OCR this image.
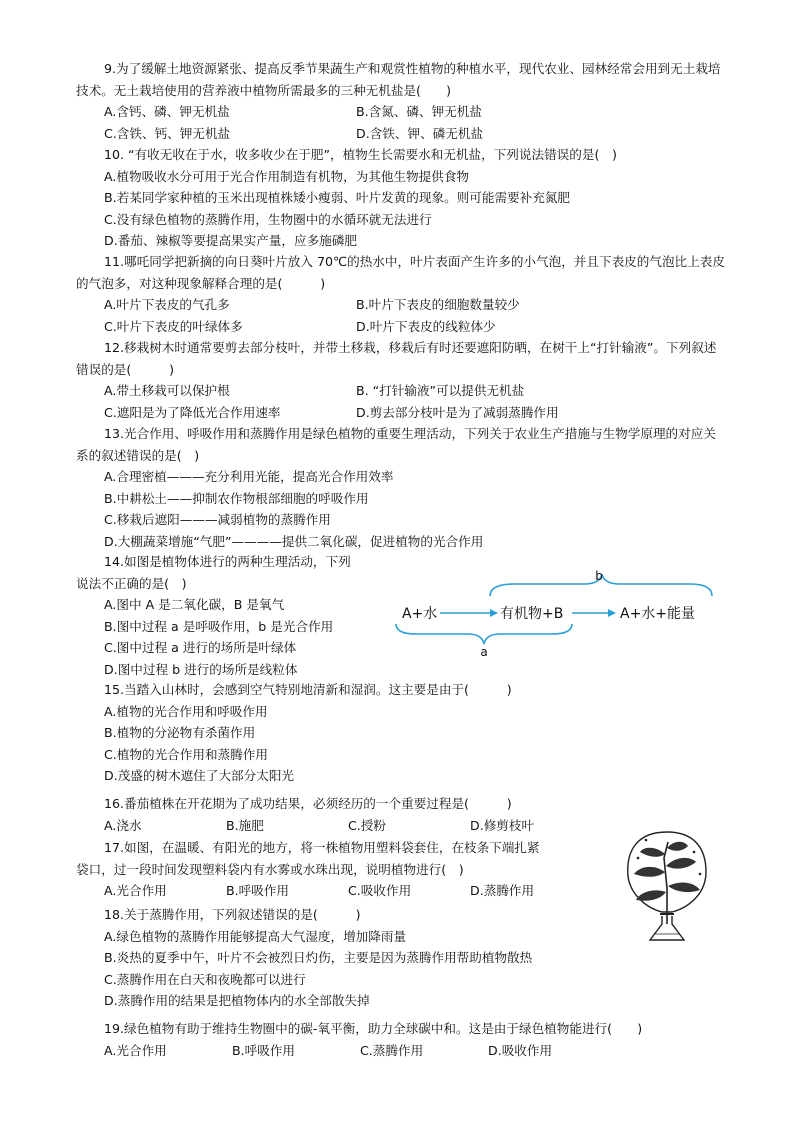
9.为了缓解土地资源紧张、提高反季节果蔬生产和观赏性植物的种植水平，现代农业、园林经常会用到无土栽培技术。无土栽培使用的营养液中植物所需最多的三种无机盐是(　　)

A.含钙、磷、钾无机盐	B.含氮、磷、钾无机盐
C.含铁、钙、钾无机盐	D.含铁、钾、磷无机盐

10. “有收无收在于水，收多收少在于肥”，植物生长需要水和无机盐，下列说法错误的是(　)

A.植物吸收水分可用于光合作用制造有机物，为其他生物提供食物
B.若某同学家种植的玉米出现植株矮小瘦弱、叶片发黄的现象。则可能需要补充氮肥
C.没有绿色植物的蒸腾作用，生物圈中的水循环就无法进行
D.番茄、辣椒等要提高果实产量，应多施磷肥

11.哪吒同学把新摘的向日葵叶片放入 70℃的热水中，叶片表面产生许多的小气泡，并且下表皮的气泡比上表皮的气泡多，对这种现象解释合理的是(　　　)

A.叶片下表皮的气孔多	B.叶片下表皮的细胞数量较少
C.叶片下表皮的叶绿体多	D.叶片下表皮的线粒体少

12.移栽树木时通常要剪去部分枝叶，并带土移栽，移栽后有时还要遮阳防晒，在树干上“打针输液”。下列叙述错误的是(　　　)

A.带土移栽可以保护根	B. “打针输液”可以提供无机盐
C.遮阳是为了降低光合作用速率	D.剪去部分枝叶是为了减弱蒸腾作用

13.光合作用、呼吸作用和蒸腾作用是绿色植物的重要生理活动，下列关于农业生产措施与生物学原理的对应关系的叙述错误的是(　)

A.合理密植———充分利用光能，提高光合作用效率
B.中耕松土——抑制农作物根部细胞的呼吸作用
C.移栽后遮阳———减弱植物的蒸腾作用
D.大棚蔬菜增施“气肥”————提供二氧化碳，促进植物的光合作用
14.如图是植物体进行的两种生理活动，下列
说法不正确的是(　)
A.图中 A 是二氧化碳，B 是氧气
B.图中过程 a 是呼吸作用，b 是光合作用
C.图中过程 a 进行的场所是叶绿体
D.图中过程 b 进行的场所是线粒体
b
A+水	有机物+B	A+水+能量
a

15.当踏入山林时，会感到空气特别地清新和湿润。这主要是由于(　　　)

A.植物的光合作用和呼吸作用
B.植物的分泌物有杀菌作用
C.植物的光合作用和蒸腾作用
D.茂盛的树木遮住了大部分太阳光

16.番茄植株在开花期为了成功结果，必须经历的一个重要过程是(　　　)

A.浇水	B.施肥	C.授粉	D.修剪枝叶
17.如图，在温暖、有阳光的地方，将一株植物用塑料袋套住，在枝条下端扎紧
袋口，过一段时间发现塑料袋内有水雾或水珠出现，说明植物进行(　)
A.光合作用	B.呼吸作用	C.吸收作用	D.蒸腾作用

18.关于蒸腾作用，下列叙述错误的是(　　　)

A.绿色植物的蒸腾作用能够提高大气湿度，增加降雨量
B.炎热的夏季中午，叶片不会被烈日灼伤，主要是因为蒸腾作用帮助植物散热
C.蒸腾作用在白天和夜晚都可以进行
D.蒸腾作用的结果是把植物体内的水全部散失掉

19.绿色植物有助于维持生物圈中的碳-氧平衡，助力全球碳中和。这是由于绿色植物能进行(　　)

A.光合作用	B.呼吸作用	C.蒸腾作用	D.吸收作用
